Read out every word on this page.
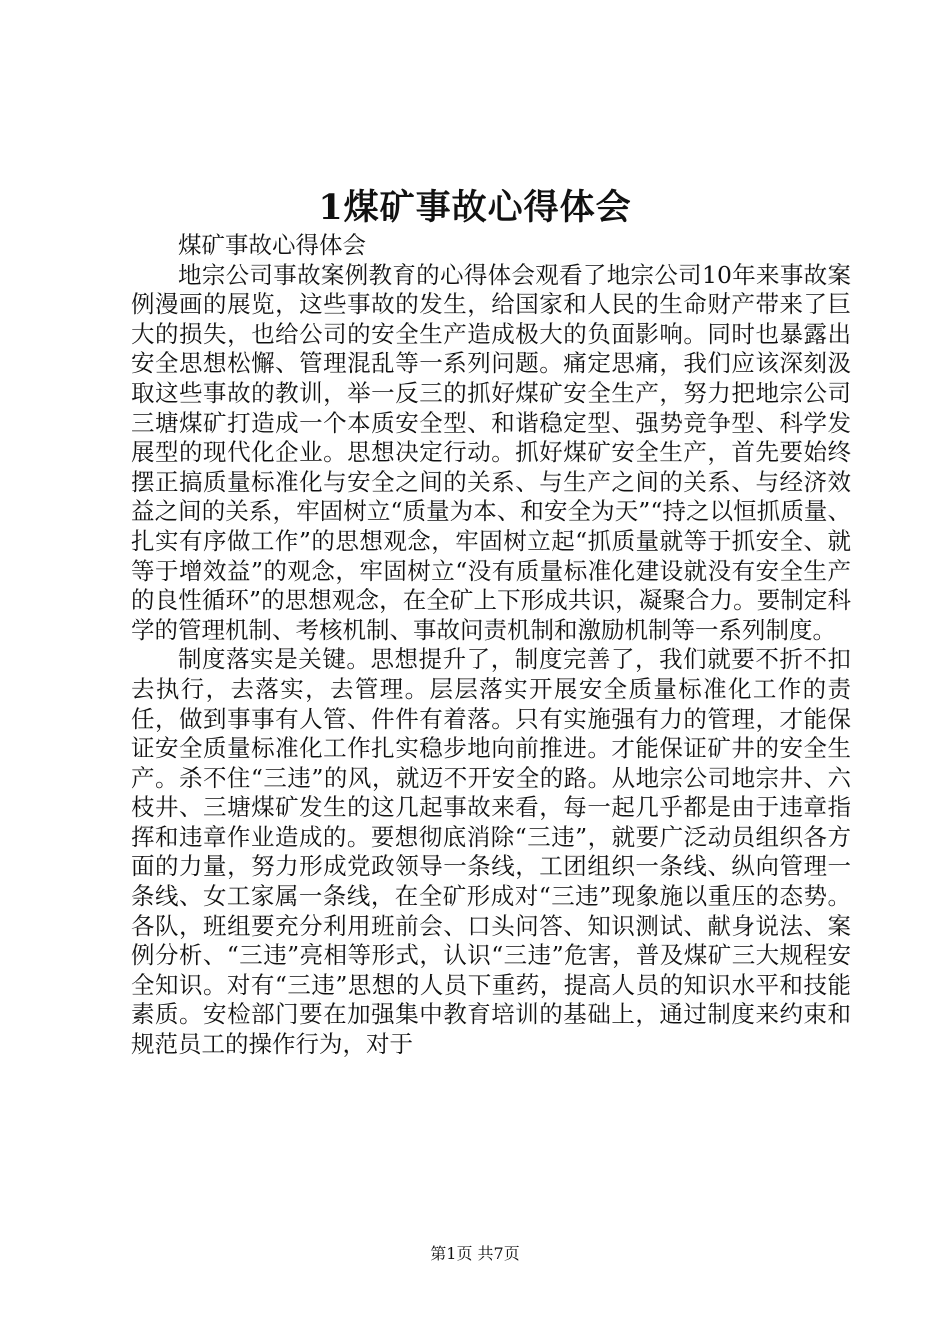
1煤矿事故心得体会

煤矿事故心得体会

地宗公司事故案例教育的心得体会观看了地宗公司10年来事故案例漫画的展览，这些事故的发生，给国家和人民的生命财产带来了巨大的损失，也给公司的安全生产造成极大的负面影响。同时也暴露出安全思想松懈、管理混乱等一系列问题。痛定思痛，我们应该深刻汲取这些事故的教训，举一反三的抓好煤矿安全生产，努力把地宗公司三塘煤矿打造成一个本质安全型、和谐稳定型、强势竞争型、科学发展型的现代化企业。思想决定行动。抓好煤矿安全生产，首先要始终摆正搞质量标准化与安全之间的关系、与生产之间的关系、与经济效益之间的关系，牢固树立“质量为本、和安全为天”“持之以恒抓质量、扎实有序做工作”的思想观念，牢固树立起“抓质量就等于抓安全、就等于增效益”的观念，牢固树立“没有质量标准化建设就没有安全生产的良性循环”的思想观念，在全矿上下形成共识，凝聚合力。要制定科学的管理机制、考核机制、事故问责机制和激励机制等一系列制度。

制度落实是关键。思想提升了，制度完善了，我们就要不折不扣去执行，去落实，去管理。层层落实开展安全质量标准化工作的责任，做到事事有人管、件件有着落。只有实施强有力的管理，才能保证安全质量标准化工作扎实稳步地向前推进。才能保证矿井的安全生产。杀不住“三违”的风，就迈不开安全的路。从地宗公司地宗井、六枝井、三塘煤矿发生的这几起事故来看，每一起几乎都是由于违章指挥和违章作业造成的。要想彻底消除“三违”，就要广泛动员组织各方面的力量，努力形成党政领导一条线，工团组织一条线、纵向管理一条线、女工家属一条线，在全矿形成对“三违”现象施以重压的态势。各队，班组要充分利用班前会、口头问答、知识测试、献身说法、案例分析、“三违”亮相等形式，认识“三违”危害，普及煤矿三大规程安全知识。对有“三违”思想的人员下重药，提高人员的知识水平和技能素质。安检部门要在加强集中教育培训的基础上，通过制度来约束和规范员工的操作行为，对于

第1页 共7页
